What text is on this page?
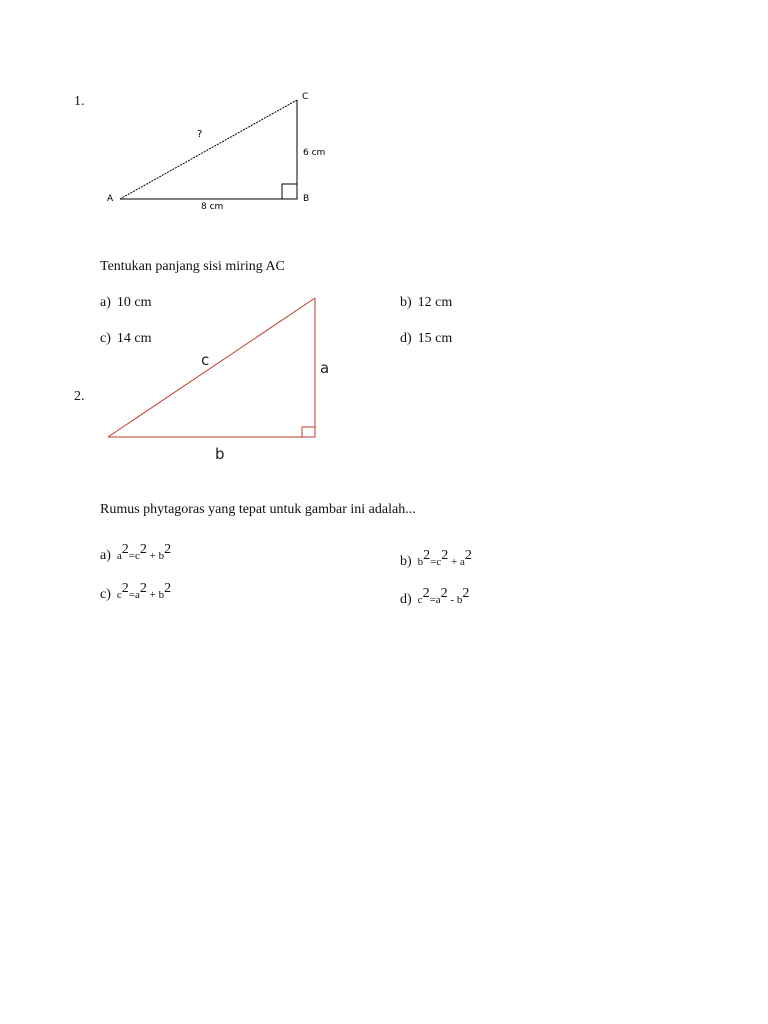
1.
A	B
C
?
6 cm
8 cm
Tentukan panjang sisi miring AC
a) 10 cm	b) 12 cm
c) 14 cm	d) 15 cm
2.
c	a
b
Rumus phytagoras yang tepat untuk gambar ini adalah...
a) $a^2=c^2 + b^2$
b) $b^2=c^2 + a^2$
c) $c^2=a^2 + b^2$
d) $c^2=a^2 - b^2$
